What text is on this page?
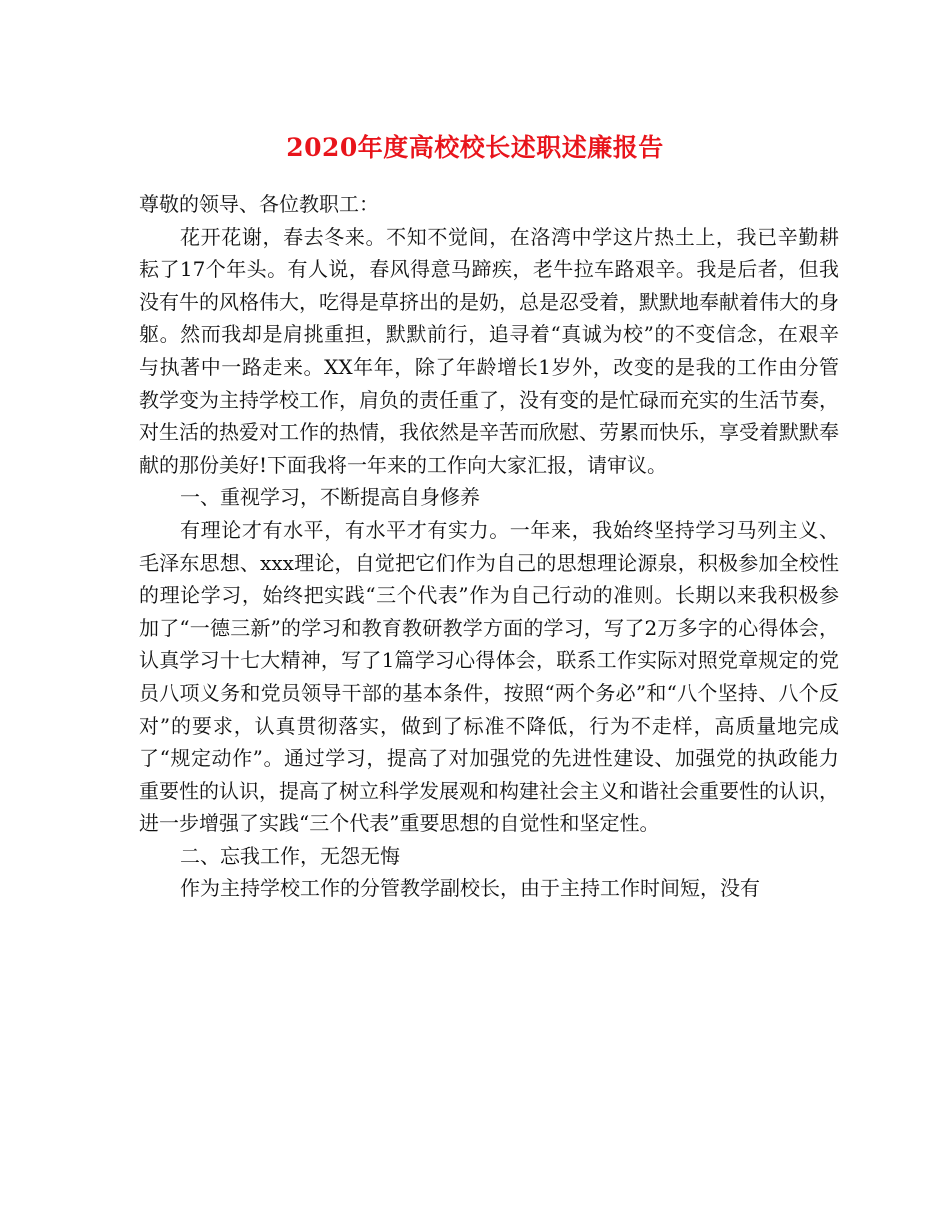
2020年度高校校长述职述廉报告

尊敬的领导、各位教职工：

花开花谢，春去冬来。不知不觉间，在洛湾中学这片热土上，我已辛勤耕耘了17个年头。有人说，春风得意马蹄疾，老牛拉车路艰辛。我是后者，但我没有牛的风格伟大，吃得是草挤出的是奶，总是忍受着，默默地奉献着伟大的身躯。然而我却是肩挑重担，默默前行，追寻着“真诚为校”的不变信念，在艰辛与执著中一路走来。XX年年，除了年龄增长1岁外，改变的是我的工作由分管教学变为主持学校工作，肩负的责任重了，没有变的是忙碌而充实的生活节奏，对生活的热爱对工作的热情，我依然是辛苦而欣慰、劳累而快乐，享受着默默奉献的那份美好!下面我将一年来的工作向大家汇报，请审议。

一、重视学习，不断提高自身修养

有理论才有水平，有水平才有实力。一年来，我始终坚持学习马列主义、毛泽东思想、xxx理论，自觉把它们作为自己的思想理论源泉，积极参加全校性的理论学习，始终把实践“三个代表”作为自己行动的准则。长期以来我积极参加了“一德三新”的学习和教育教研教学方面的学习，写了2万多字的心得体会，认真学习十七大精神，写了1篇学习心得体会，联系工作实际对照党章规定的党员八项义务和党员领导干部的基本条件，按照“两个务必”和“八个坚持、八个反对”的要求，认真贯彻落实，做到了标准不降低，行为不走样，高质量地完成了“规定动作”。通过学习，提高了对加强党的先进性建设、加强党的执政能力重要性的认识，提高了树立科学发展观和构建社会主义和谐社会重要性的认识，进一步增强了实践“三个代表”重要思想的自觉性和坚定性。

二、忘我工作，无怨无悔

作为主持学校工作的分管教学副校长，由于主持工作时间短，没有
